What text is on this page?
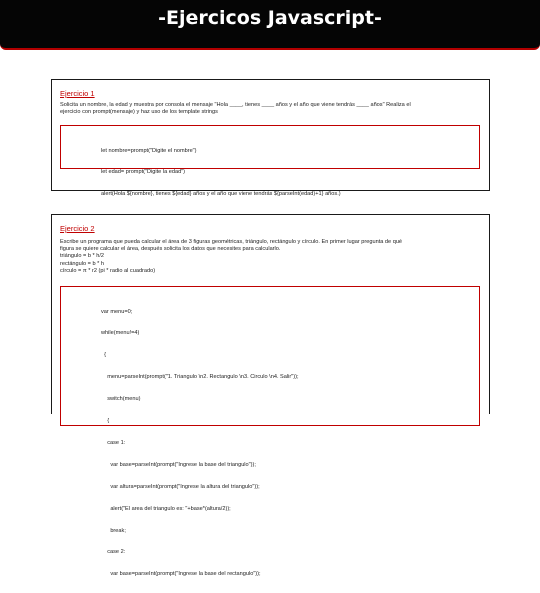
-Ejercicos Javascript-

Por cada ejercicio se encuentra su enunciado y respectivo código solución
Ejercicio 1
Solicita un nombre, la edad y muestra por consola el mensaje "Hola ____, tienes ____ años y el año que viene tendrás ____ años" Realiza el
ejercicio con prompt(mensaje) y haz uso de los template strings

let nombre=prompt("Digite el nombre")

let edad= prompt("Digite la edad")

alert(Hola ${nombre}, tienes ${edad} años y el año que viene tendrás ${parseInt(edad)+1} años.)

Ejercicio 2
Escribe un programa que pueda calcular el área de 3 figuras geométricas, triángulo, rectángulo y círculo. En primer lugar pregunta de qué
figura se quiere calcular el área, después solicita los datos que necesites para calcularlo.
triángulo = b * h/2
rectángulo = b * h
círculo = π * r2 (pi * radio al cuadrado)

var menu=0;

while(menu!=4)

{

menu=parseInt(prompt("1. Triangulo \n2. Rectangulo \n3. Circulo \n4. Salir"));

switch(menu)

{

case 1:

var base=parseInt(prompt("Ingrese la base del triangulo"));

var altura=parseInt(prompt("Ingrese la altura del triangulo"));

alert("El area del triangulo es: "+base*(altura/2));

break;

case 2:

var base=parseInt(prompt("Ingrese la base del rectangulo"));
